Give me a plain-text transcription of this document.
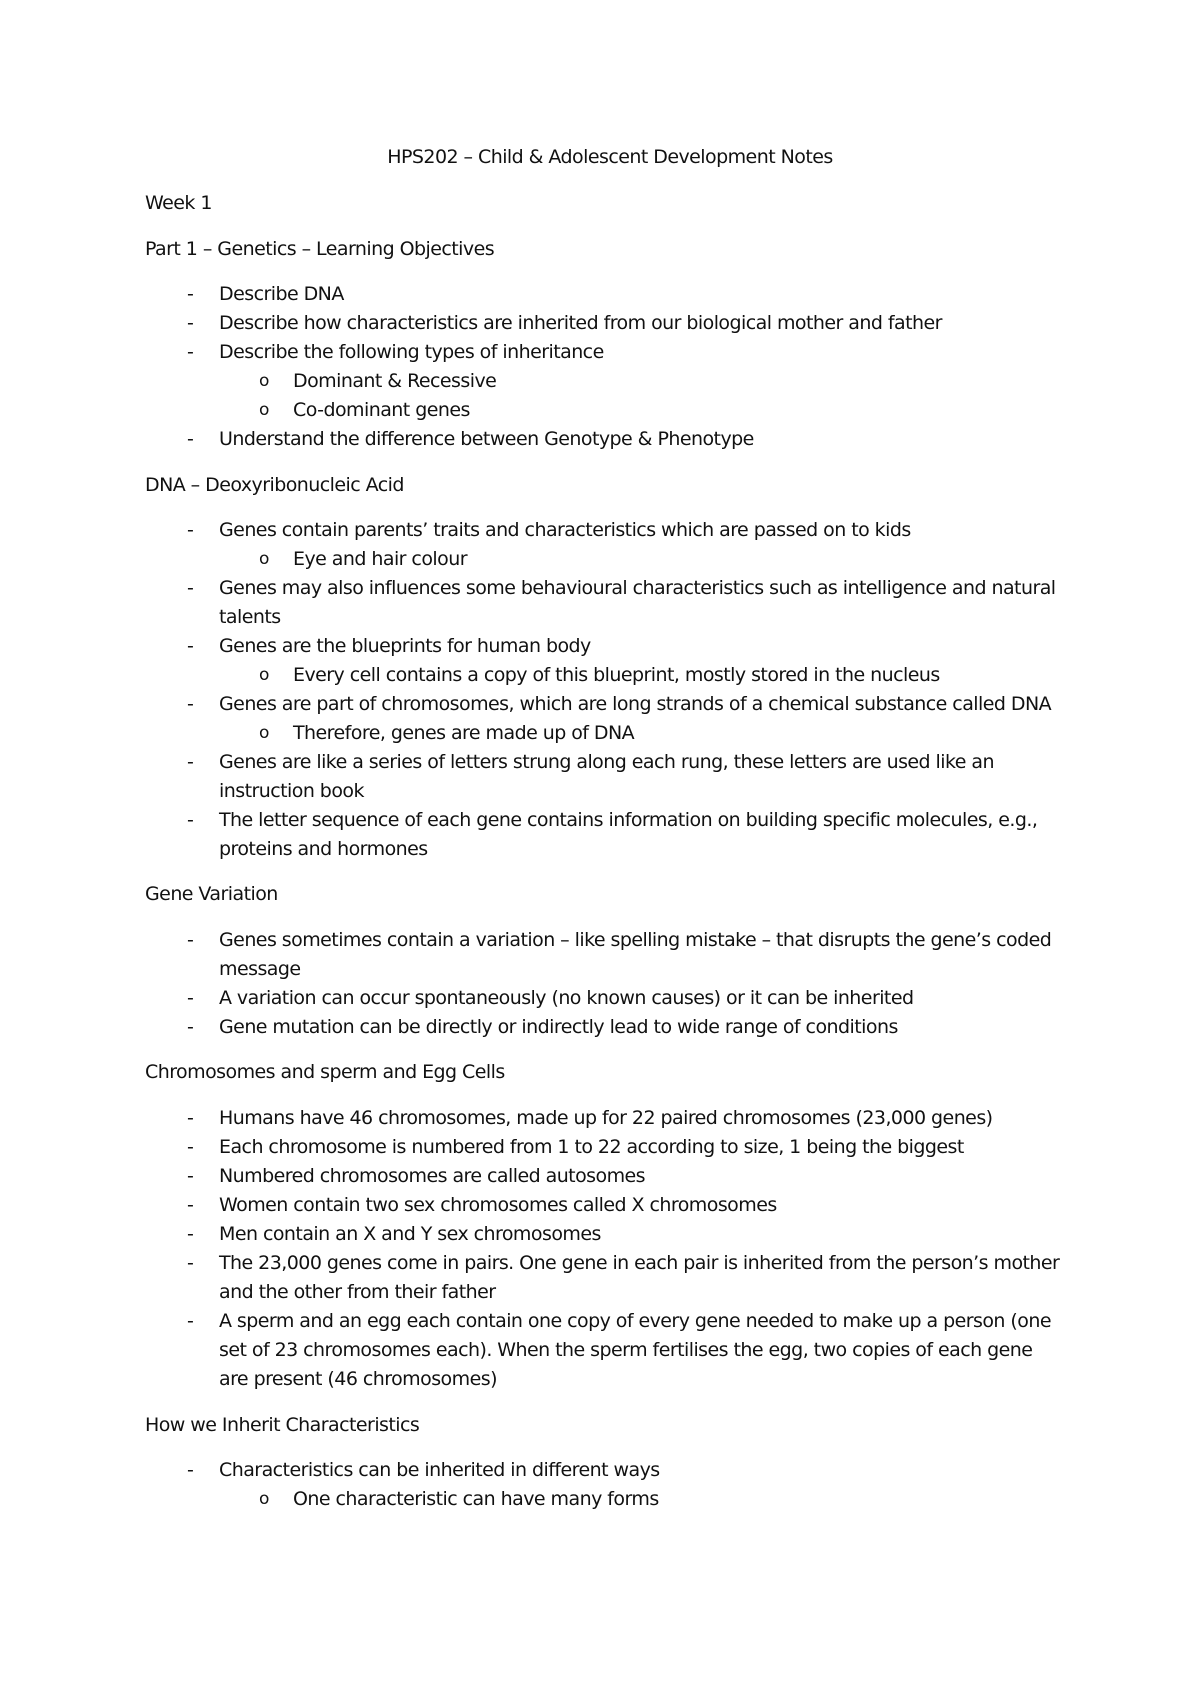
HPS202 – Child & Adolescent Development Notes
Week 1
Part 1 – Genetics – Learning Objectives
- Describe DNA
- Describe how characteristics are inherited from our biological mother and father
- Describe the following types of inheritance
o Dominant & Recessive
o Co-dominant genes
- Understand the difference between Genotype & Phenotype
DNA – Deoxyribonucleic Acid
- Genes contain parents’ traits and characteristics which are passed on to kids
o Eye and hair colour
- Genes may also influences some behavioural characteristics such as intelligence and natural
talents
- Genes are the blueprints for human body
o Every cell contains a copy of this blueprint, mostly stored in the nucleus
- Genes are part of chromosomes, which are long strands of a chemical substance called DNA
o Therefore, genes are made up of DNA
- Genes are like a series of letters strung along each rung, these letters are used like an
instruction book
- The letter sequence of each gene contains information on building specific molecules, e.g.,
proteins and hormones
Gene Variation
- Genes sometimes contain a variation – like spelling mistake – that disrupts the gene’s coded
message
- A variation can occur spontaneously (no known causes) or it can be inherited
- Gene mutation can be directly or indirectly lead to wide range of conditions
Chromosomes and sperm and Egg Cells
- Humans have 46 chromosomes, made up for 22 paired chromosomes (23,000 genes)
- Each chromosome is numbered from 1 to 22 according to size, 1 being the biggest
- Numbered chromosomes are called autosomes
- Women contain two sex chromosomes called X chromosomes
- Men contain an X and Y sex chromosomes
- The 23,000 genes come in pairs. One gene in each pair is inherited from the person’s mother
and the other from their father
- A sperm and an egg each contain one copy of every gene needed to make up a person (one
set of 23 chromosomes each). When the sperm fertilises the egg, two copies of each gene
are present (46 chromosomes)
How we Inherit Characteristics
- Characteristics can be inherited in different ways
o One characteristic can have many forms
